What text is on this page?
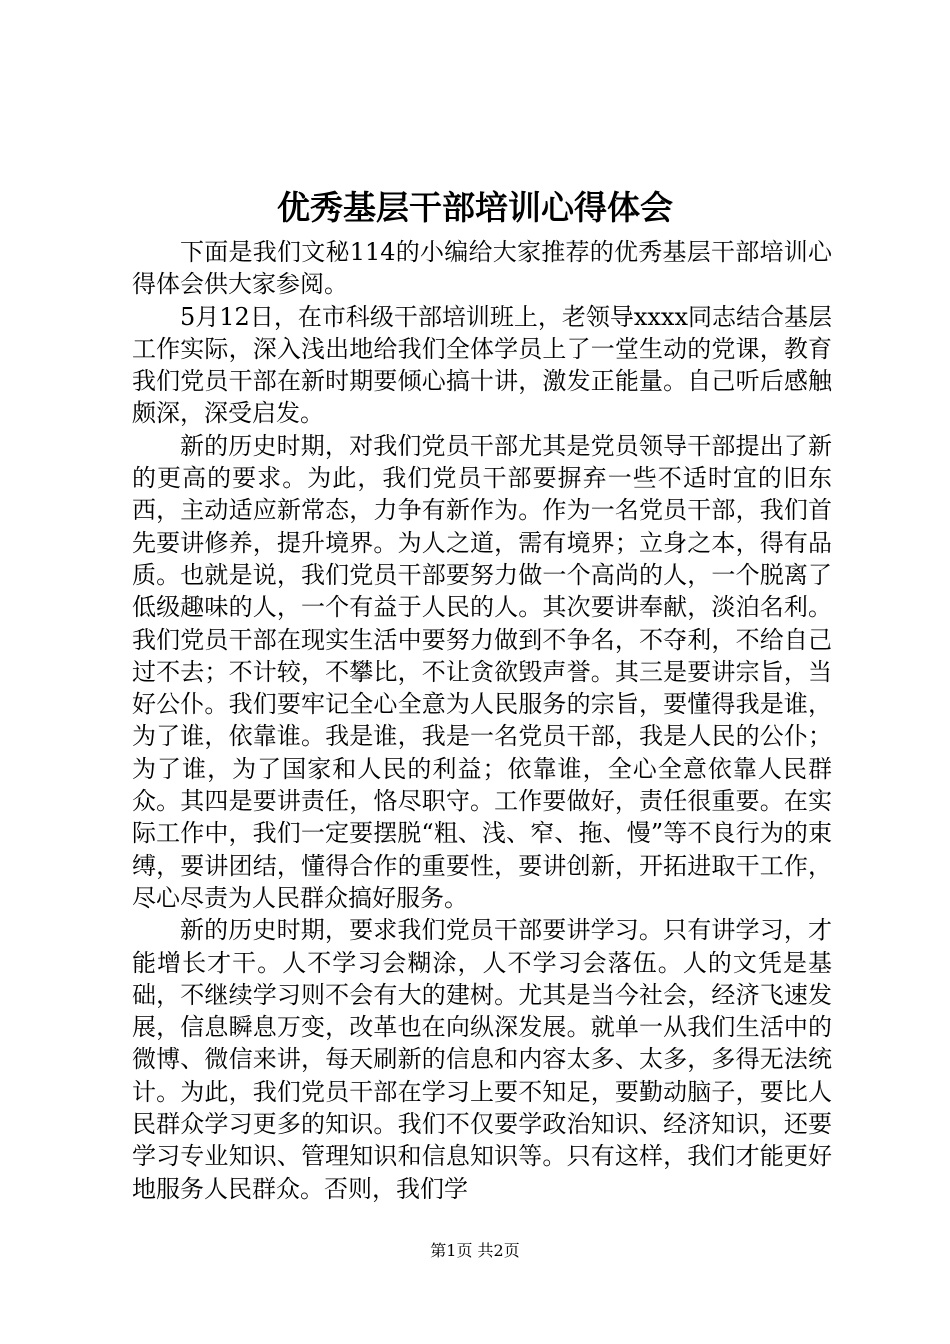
优秀基层干部培训心得体会

下面是我们文秘114的小编给大家推荐的优秀基层干部培训心得体会供大家参阅。

5月12日，在市科级干部培训班上，老领导xxxx同志结合基层工作实际，深入浅出地给我们全体学员上了一堂生动的党课，教育我们党员干部在新时期要倾心搞十讲，激发正能量。自己听后感触颇深，深受启发。

新的历史时期，对我们党员干部尤其是党员领导干部提出了新的更高的要求。为此，我们党员干部要摒弃一些不适时宜的旧东西，主动适应新常态，力争有新作为。作为一名党员干部，我们首先要讲修养，提升境界。为人之道，需有境界；立身之本，得有品质。也就是说，我们党员干部要努力做一个高尚的人，一个脱离了低级趣味的人，一个有益于人民的人。其次要讲奉献，淡泊名利。我们党员干部在现实生活中要努力做到不争名，不夺利，不给自己过不去；不计较，不攀比，不让贪欲毁声誉。其三是要讲宗旨，当好公仆。我们要牢记全心全意为人民服务的宗旨，要懂得我是谁，为了谁，依靠谁。我是谁，我是一名党员干部，我是人民的公仆；为了谁，为了国家和人民的利益；依靠谁，全心全意依靠人民群众。其四是要讲责任，恪尽职守。工作要做好，责任很重要。在实际工作中，我们一定要摆脱“粗、浅、窄、拖、慢”等不良行为的束缚，要讲团结，懂得合作的重要性，要讲创新，开拓进取干工作，尽心尽责为人民群众搞好服务。

新的历史时期，要求我们党员干部要讲学习。只有讲学习，才能增长才干。人不学习会糊涂，人不学习会落伍。人的文凭是基础，不继续学习则不会有大的建树。尤其是当今社会，经济飞速发展，信息瞬息万变，改革也在向纵深发展。就单一从我们生活中的微博、微信来讲，每天刷新的信息和内容太多、太多，多得无法统计。为此，我们党员干部在学习上要不知足，要勤动脑子，要比人民群众学习更多的知识。我们不仅要学政治知识、经济知识，还要学习专业知识、管理知识和信息知识等。只有这样，我们才能更好地服务人民群众。否则，我们学

第1页 共2页
